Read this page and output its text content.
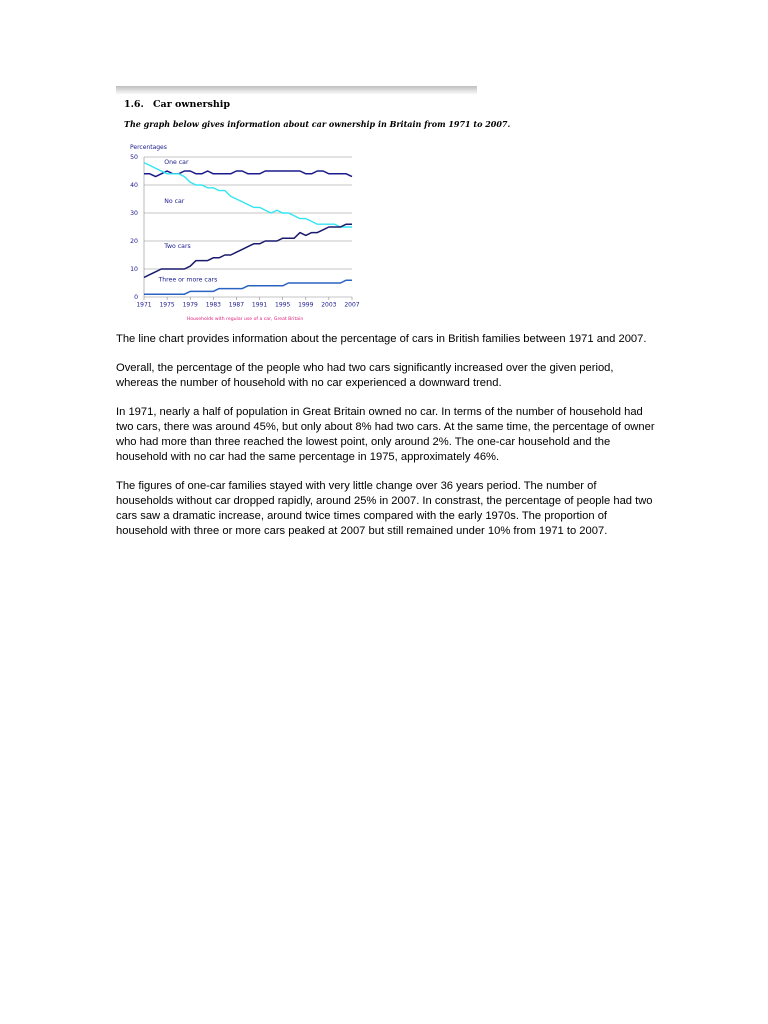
1.6. Car ownership
The graph below gives information about car ownership in Britain from 1971 to 2007.
Percentages
0
10
20
30
40
50
1971 1975 1979 1983 1987 1991 1995 1999 2003 2007
One car
No car
Two cars
Three or more cars
Households with regular use of a car, Great Britain

The line chart provides information about the percentage of cars in British families between 1971 and 2007.

Overall, the percentage of the people who had two cars significantly increased over the given period, whereas the number of household with no car experienced a downward trend.

In 1971, nearly a half of population in Great Britain owned no car. In terms of the number of household had two cars, there was around 45%, but only about 8% had two cars. At the same time, the percentage of owner who had more than three reached the lowest point, only around 2%. The one-car household and the household with no car had the same percentage in 1975, approximately 46%.

The figures of one-car families stayed with very little change over 36 years period. The number of households without car dropped rapidly, around 25% in 2007. In constrast, the percentage of people had two cars saw a dramatic increase, around twice times compared with the early 1970s. The proportion of household with three or more cars peaked at 2007 but still remained under 10% from 1971 to 2007.
